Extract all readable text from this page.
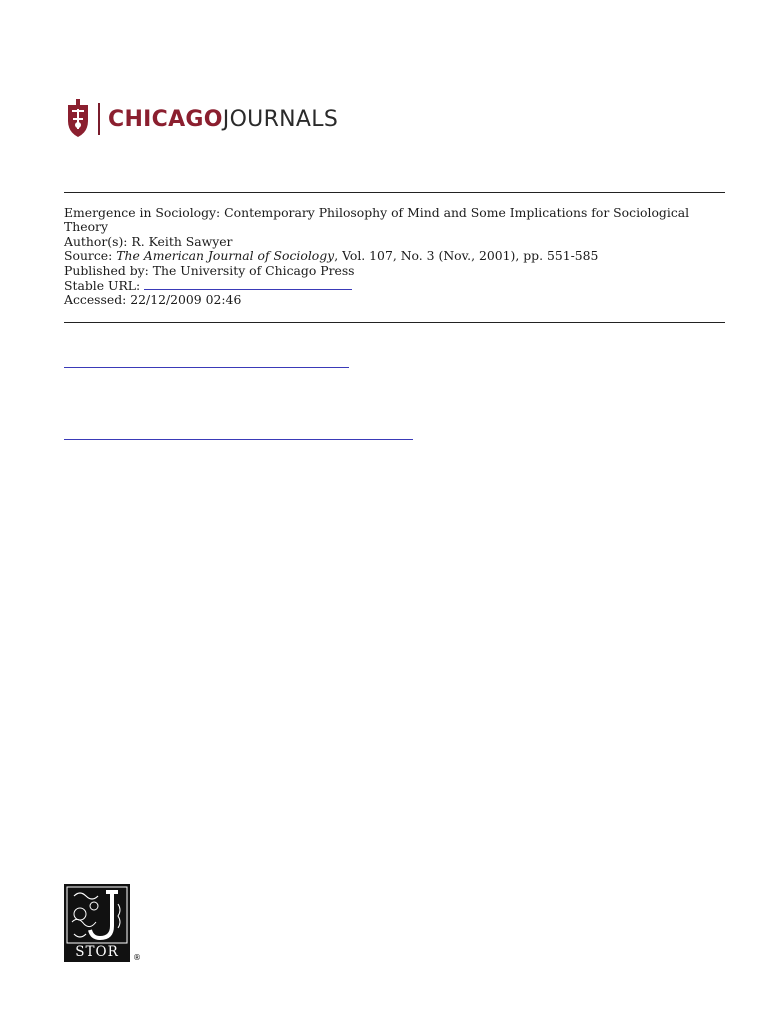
CHICAGOJOURNALS
Emergence in Sociology: Contemporary Philosophy of Mind and Some Implications for Sociological Theory
Author(s): R. Keith Sawyer
Source: The American Journal of Sociology, Vol. 107, No. 3 (Nov., 2001), pp. 551-585
Published by: The University of Chicago Press
Stable URL:
Accessed: 22/12/2009 02:46
STOR ®
